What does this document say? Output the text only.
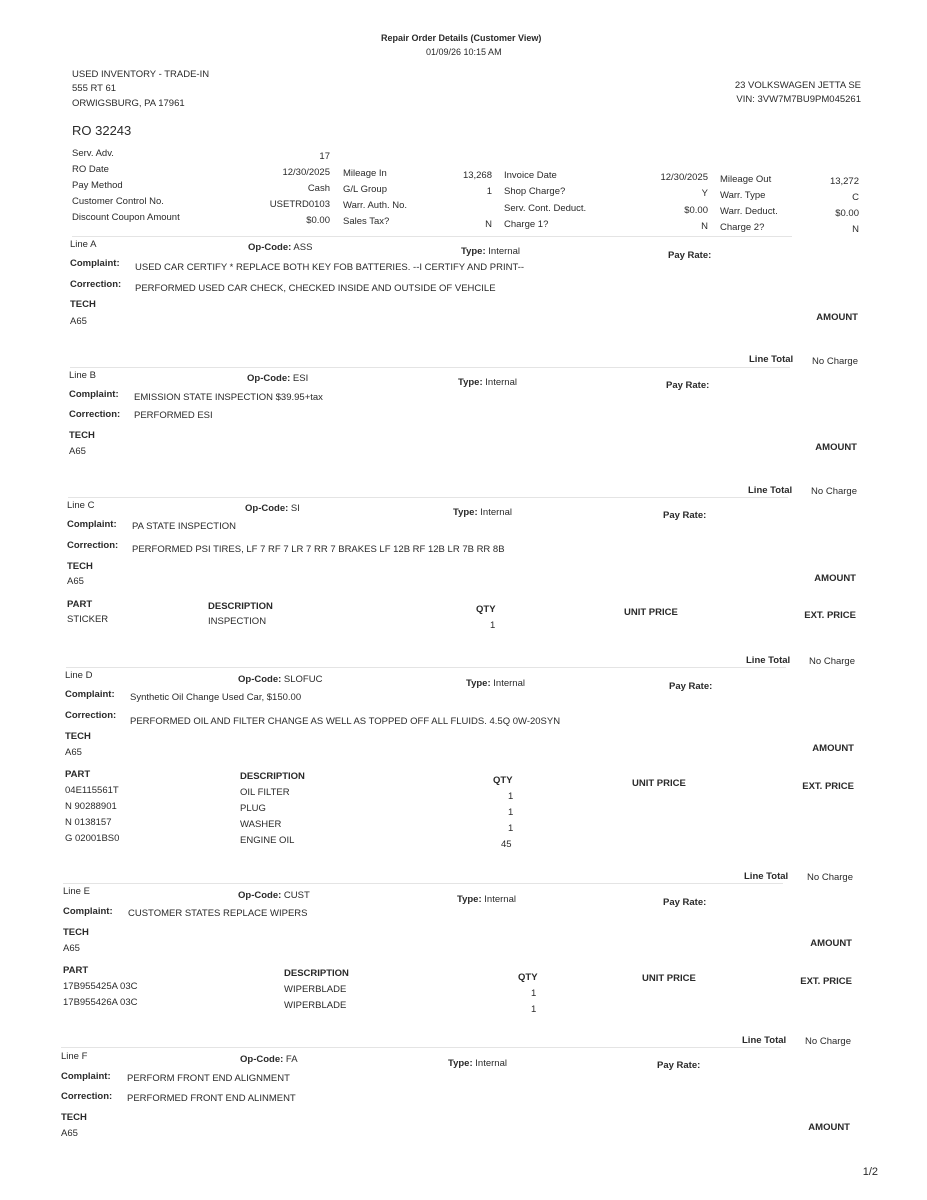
Repair Order Details (Customer View)
01/09/26 10:15 AM
USED INVENTORY - TRADE-IN
555 RT 61
ORWIGSBURG, PA 17961
23 VOLKSWAGEN JETTA SE
VIN: 3VW7M7BU9PM045261
RO 32243
Serv. Adv.	17
RO Date	12/30/2025
Pay Method	Cash
Customer Control No.	USETRD0103
Discount Coupon Amount	$0.00
Mileage In	13,268
G/L Group	1
Warr. Auth. No.
Sales Tax?	N
Invoice Date	12/30/2025
Shop Charge?	Y
Serv. Cont. Deduct.	$0.00
Charge 1?	N
Mileage Out	13,272
Warr. Type	C
Warr. Deduct.	$0.00
Charge 2?	N
Line A	Op-Code: ASS	Type: Internal	Pay Rate:
Complaint: USED CAR CERTIFY * REPLACE BOTH KEY FOB BATTERIES. --I CERTIFY AND PRINT--
Correction: PERFORMED USED CAR CHECK, CHECKED INSIDE AND OUTSIDE OF VEHCILE
TECH
A65	AMOUNT
Line Total No Charge
Line B	Op-Code: ESI	Type: Internal	Pay Rate:
Complaint: EMISSION STATE INSPECTION $39.95+tax
Correction: PERFORMED ESI
TECH
A65	AMOUNT
Line Total No Charge
Line C	Op-Code: SI	Type: Internal	Pay Rate:
Complaint: PA STATE INSPECTION
Correction: PERFORMED PSI TIRES, LF 7 RF 7 LR 7 RR 7 BRAKES LF 12B RF 12B LR 7B RR 8B
TECH
A65	AMOUNT
PART	DESCRIPTION	QTY	UNIT PRICE	EXT. PRICE
STICKER	INSPECTION	1
Line Total No Charge
Line D	Op-Code: SLOFUC	Type: Internal	Pay Rate:
Complaint: Synthetic Oil Change Used Car, $150.00
Correction:
PERFORMED OIL AND FILTER CHANGE AS WELL AS TOPPED OFF ALL FLUIDS. 4.5Q 0W-20SYN
TECH
A65	AMOUNT
PART	DESCRIPTION	QTY	UNIT PRICE	EXT. PRICE
04E115561T	OIL FILTER	1
N 90288901	PLUG	1
N 0138157	WASHER	1
G 02001BS0	ENGINE OIL	45
Line Total No Charge
Line E	Op-Code: CUST	Type: Internal	Pay Rate:
Complaint: CUSTOMER STATES REPLACE WIPERS
TECH
A65	AMOUNT
PART	DESCRIPTION	QTY	UNIT PRICE	EXT. PRICE
17B955425A 03C	WIPERBLADE	1
17B955426A 03C	WIPERBLADE	1
Line Total No Charge
Line F	Op-Code: FA	Type: Internal	Pay Rate:
Complaint: PERFORM FRONT END ALIGNMENT
Correction: PERFORMED FRONT END ALINMENT
TECH
A65
AMOUNT
1/2
